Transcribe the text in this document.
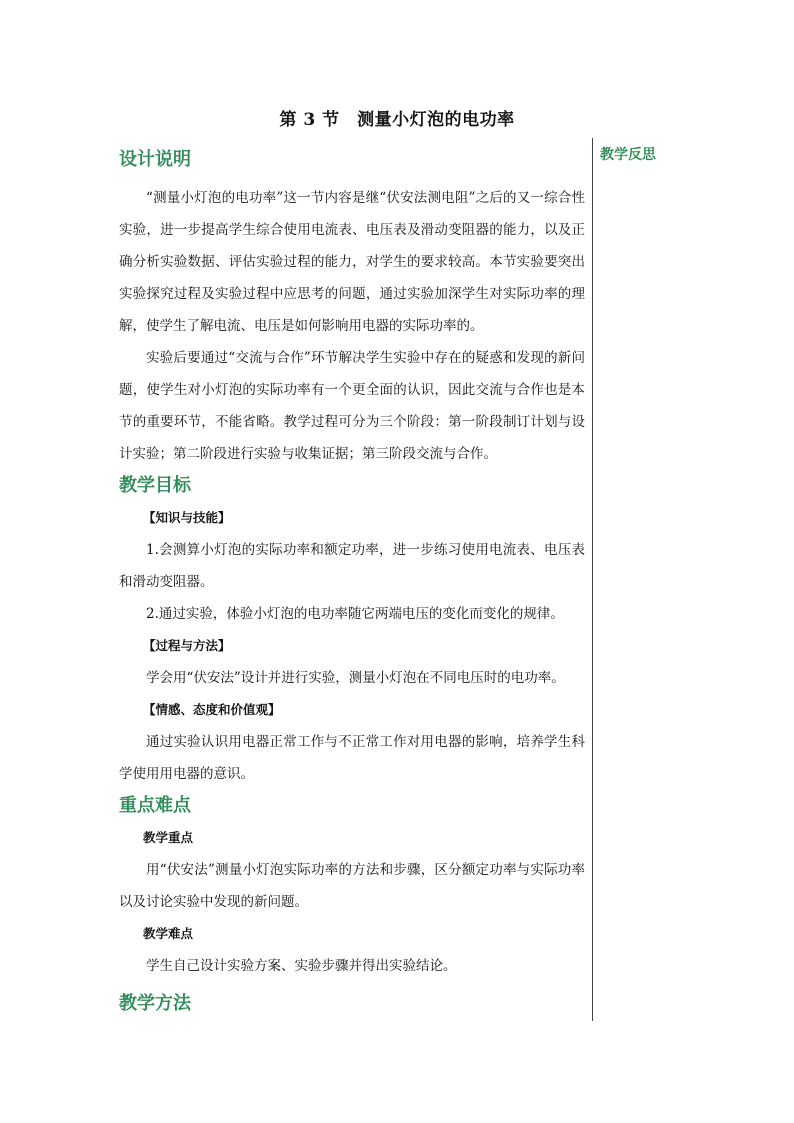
第 3 节　测量小灯泡的电功率
教学反思
设计说明

“测量小灯泡的电功率”这一节内容是继“伏安法测电阻”之后的又一综合性实验，进一步提高学生综合使用电流表、电压表及滑动变阻器的能力，以及正确分析实验数据、评估实验过程的能力，对学生的要求较高。本节实验要突出实验探究过程及实验过程中应思考的问题，通过实验加深学生对实际功率的理解，使学生了解电流、电压是如何影响用电器的实际功率的。

实验后要通过“交流与合作”环节解决学生实验中存在的疑惑和发现的新问题，使学生对小灯泡的实际功率有一个更全面的认识，因此交流与合作也是本节的重要环节，不能省略。教学过程可分为三个阶段：第一阶段制订计划与设计实验；第二阶段进行实验与收集证据；第三阶段交流与合作。

教学目标

【知识与技能】

1.会测算小灯泡的实际功率和额定功率，进一步练习使用电流表、电压表和滑动变阻器。

2.通过实验，体验小灯泡的电功率随它两端电压的变化而变化的规律。

【过程与方法】

学会用“伏安法”设计并进行实验，测量小灯泡在不同电压时的电功率。

【情感、态度和价值观】

通过实验认识用电器正常工作与不正常工作对用电器的影响，培养学生科学使用用电器的意识。

重点难点

教学重点

用“伏安法”测量小灯泡实际功率的方法和步骤，区分额定功率与实际功率以及讨论实验中发现的新问题。

教学难点

学生自己设计实验方案、实验步骤并得出实验结论。

教学方法
